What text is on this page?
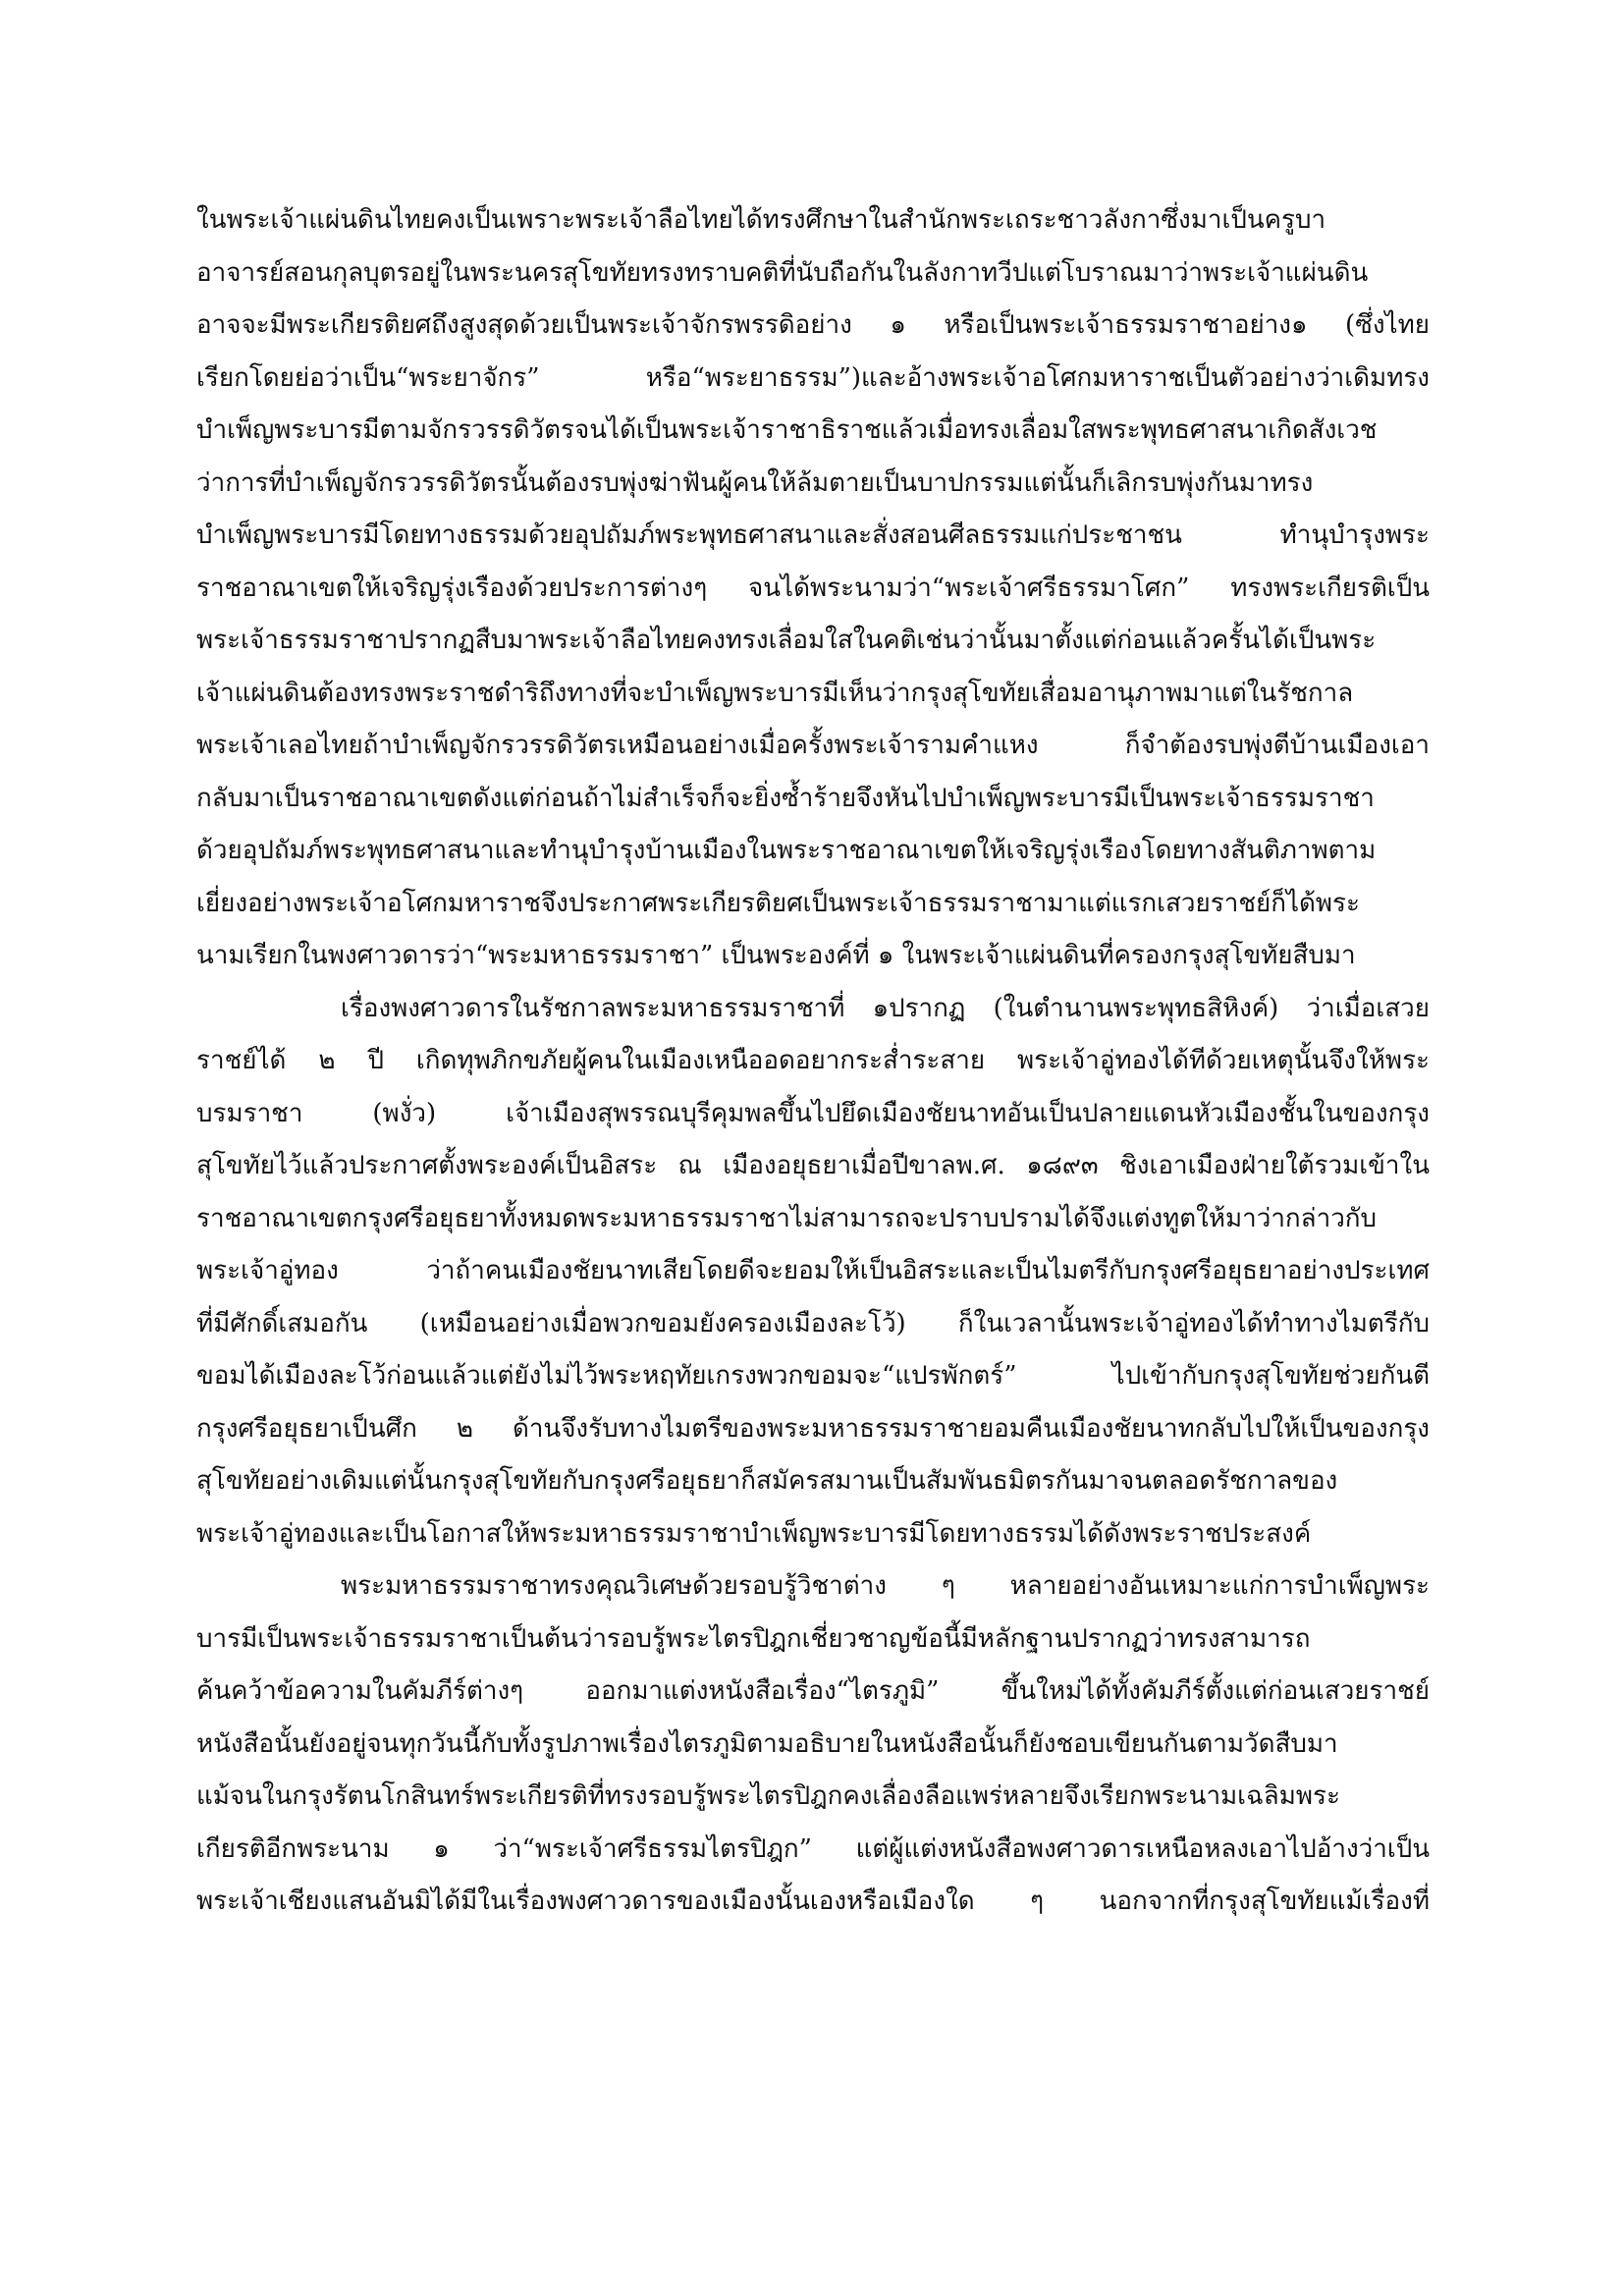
ในพระเจ้าแผ่นดินไทยคงเป็นเพราะพระเจ้าลือไทยได้ทรงศึกษาในสำนักพระเถระชาวลังกาซึ่งมาเป็นครูบา
อาจารย์สอนกุลบุตรอยู่ในพระนครสุโขทัยทรงทราบคติที่นับถือกันในลังกาทวีปแต่โบราณมาว่าพระเจ้าแผ่นดิน
อาจจะมีพระเกียรติยศถึงสูงสุดด้วยเป็นพระเจ้าจักรพรรดิอย่าง ๑ หรือเป็นพระเจ้าธรรมราชาอย่าง๑ (ซึ่งไทย
เรียกโดยย่อว่าเป็น“พระยาจักร” หรือ“พระยาธรรม”)และอ้างพระเจ้าอโศกมหาราชเป็นตัวอย่างว่าเดิมทรง
บำเพ็ญพระบารมีตามจักรวรรดิวัตรจนได้เป็นพระเจ้าราชาธิราชแล้วเมื่อทรงเลื่อมใสพระพุทธศาสนาเกิดสังเวช
ว่าการที่บำเพ็ญจักรวรรดิวัตรนั้นต้องรบพุ่งฆ่าฟันผู้คนให้ล้มตายเป็นบาปกรรมแต่นั้นก็เลิกรบพุ่งกันมาทรง
บำเพ็ญพระบารมีโดยทางธรรมด้วยอุปถัมภ์พระพุทธศาสนาและสั่งสอนศีลธรรมแก่ประชาชน ทำนุบำรุงพระ
ราชอาณาเขตให้เจริญรุ่งเรืองด้วยประการต่างๆ จนได้พระนามว่า“พระเจ้าศรีธรรมาโศก” ทรงพระเกียรติเป็น
พระเจ้าธรรมราชาปรากฏสืบมาพระเจ้าลือไทยคงทรงเลื่อมใสในคติเช่นว่านั้นมาตั้งแต่ก่อนแล้วครั้นได้เป็นพระ
เจ้าแผ่นดินต้องทรงพระราชดำริถึงทางที่จะบำเพ็ญพระบารมีเห็นว่ากรุงสุโขทัยเสื่อมอานุภาพมาแต่ในรัชกาล
พระเจ้าเลอไทยถ้าบำเพ็ญจักรวรรดิวัตรเหมือนอย่างเมื่อครั้งพระเจ้ารามคำแหง ก็จำต้องรบพุ่งตีบ้านเมืองเอา
กลับมาเป็นราชอาณาเขตดังแต่ก่อนถ้าไม่สำเร็จก็จะยิ่งซ้ำร้ายจึงหันไปบำเพ็ญพระบารมีเป็นพระเจ้าธรรมราชา
ด้วยอุปถัมภ์พระพุทธศาสนาและทำนุบำรุงบ้านเมืองในพระราชอาณาเขตให้เจริญรุ่งเรืองโดยทางสันติภาพตาม
เยี่ยงอย่างพระเจ้าอโศกมหาราชจึงประกาศพระเกียรติยศเป็นพระเจ้าธรรมราชามาแต่แรกเสวยราชย์ก็ได้พระ
นามเรียกในพงศาวดารว่า“พระมหาธรรมราชา” เป็นพระองค์ที่ ๑ ในพระเจ้าแผ่นดินที่ครองกรุงสุโขทัยสืบมา
เรื่องพงศาวดารในรัชกาลพระมหาธรรมราชาที่ ๑ปรากฏ (ในตำนานพระพุทธสิหิงค์) ว่าเมื่อเสวย
ราชย์ได้ ๒ ปี เกิดทุพภิกขภัยผู้คนในเมืองเหนืออดอยากระส่ำระสาย พระเจ้าอู่ทองได้ทีด้วยเหตุนั้นจึงให้พระ
บรมราชา (พงั่ว) เจ้าเมืองสุพรรณบุรีคุมพลขึ้นไปยึดเมืองชัยนาทอันเป็นปลายแดนหัวเมืองชั้นในของกรุง
สุโขทัยไว้แล้วประกาศตั้งพระองค์เป็นอิสระ ณ เมืองอยุธยาเมื่อปีขาลพ.ศ. ๑๘๙๓ ชิงเอาเมืองฝ่ายใต้รวมเข้าใน
ราชอาณาเขตกรุงศรีอยุธยาทั้งหมดพระมหาธรรมราชาไม่สามารถจะปราบปรามได้จึงแต่งทูตให้มาว่ากล่าวกับ
พระเจ้าอู่ทอง ว่าถ้าคนเมืองชัยนาทเสียโดยดีจะยอมให้เป็นอิสระและเป็นไมตรีกับกรุงศรีอยุธยาอย่างประเทศ
ที่มีศักดิ์เสมอกัน (เหมือนอย่างเมื่อพวกขอมยังครองเมืองละโว้) ก็ในเวลานั้นพระเจ้าอู่ทองได้ทำทางไมตรีกับ
ขอมได้เมืองละโว้ก่อนแล้วแต่ยังไม่ไว้พระหฤทัยเกรงพวกขอมจะ“แปรพักตร์” ไปเข้ากับกรุงสุโขทัยช่วยกันตี
กรุงศรีอยุธยาเป็นศึก ๒ ด้านจึงรับทางไมตรีของพระมหาธรรมราชายอมคืนเมืองชัยนาทกลับไปให้เป็นของกรุง
สุโขทัยอย่างเดิมแต่นั้นกรุงสุโขทัยกับกรุงศรีอยุธยาก็สมัครสมานเป็นสัมพันธมิตรกันมาจนตลอดรัชกาลของ
พระเจ้าอู่ทองและเป็นโอกาสให้พระมหาธรรมราชาบำเพ็ญพระบารมีโดยทางธรรมได้ดังพระราชประสงค์
พระมหาธรรมราชาทรงคุณวิเศษด้วยรอบรู้วิชาต่าง ๆ หลายอย่างอันเหมาะแก่การบำเพ็ญพระ
บารมีเป็นพระเจ้าธรรมราชาเป็นต้นว่ารอบรู้พระไตรปิฎกเชี่ยวชาญข้อนี้มีหลักฐานปรากฏว่าทรงสามารถ
ค้นคว้าข้อความในคัมภีร์ต่างๆ ออกมาแต่งหนังสือเรื่อง“ไตรภูมิ” ขึ้นใหม่ได้ทั้งคัมภีร์ตั้งแต่ก่อนเสวยราชย์
หนังสือนั้นยังอยู่จนทุกวันนี้กับทั้งรูปภาพเรื่องไตรภูมิตามอธิบายในหนังสือนั้นก็ยังชอบเขียนกันตามวัดสืบมา
แม้จนในกรุงรัตนโกสินทร์พระเกียรติที่ทรงรอบรู้พระไตรปิฎกคงเลื่องลือแพร่หลายจึงเรียกพระนามเฉลิมพระ
เกียรติอีกพระนาม ๑ ว่า“พระเจ้าศรีธรรมไตรปิฎก” แต่ผู้แต่งหนังสือพงศาวดารเหนือหลงเอาไปอ้างว่าเป็น
พระเจ้าเชียงแสนอันมิได้มีในเรื่องพงศาวดารของเมืองนั้นเองหรือเมืองใด ๆ นอกจากที่กรุงสุโขทัยแม้เรื่องที่
